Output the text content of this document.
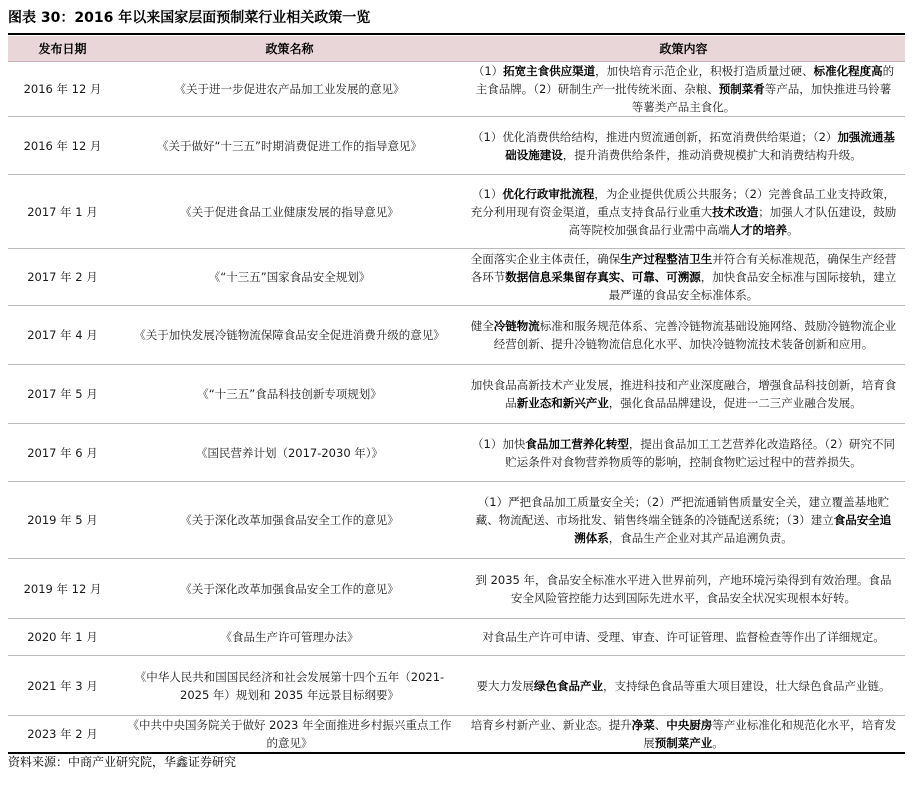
图表 30：2016 年以来国家层面预制菜行业相关政策一览
发布日期	政策名称	政策内容
2016 年 12 月	《关于进一步促进农产品加工业发展的意见》	（1）拓宽主食供应渠道，加快培育示范企业，积极打造质量过硬、标准化程度高的主食品牌。（2）研制生产一批传统米面、杂粮、预制菜肴等产品，加快推进马铃薯等薯类产品主食化。
2016 年 12 月	《关于做好“十三五”时期消费促进工作的指导意见》	（1）优化消费供给结构，推进内贸流通创新，拓宽消费供给渠道；（2）加强流通基础设施建设，提升消费供给条件，推动消费规模扩大和消费结构升级。
2017 年 1 月	《关于促进食品工业健康发展的指导意见》	（1）优化行政审批流程，为企业提供优质公共服务；（2）完善食品工业支持政策，充分利用现有资金渠道，重点支持食品行业重大技术改造；加强人才队伍建设，鼓励高等院校加强食品行业需中高端人才的培养。
2017 年 2 月	《“十三五”国家食品安全规划》	全面落实企业主体责任，确保生产过程整洁卫生并符合有关标准规范，确保生产经营各环节数据信息采集留存真实、可靠、可溯源，加快食品安全标准与国际接轨，建立最严谨的食品安全标准体系。
2017 年 4 月	《关于加快发展冷链物流保障食品安全促进消费升级的意见》	健全冷链物流标准和服务规范体系、完善冷链物流基础设施网络、鼓励冷链物流企业经营创新、提升冷链物流信息化水平、加快冷链物流技术装备创新和应用。
2017 年 5 月	《“十三五”食品科技创新专项规划》	加快食品高新技术产业发展，推进科技和产业深度融合，增强食品科技创新，培育食品新业态和新兴产业，强化食品品牌建设，促进一二三产业融合发展。
2017 年 6 月	《国民营养计划（2017-2030 年）》	（1）加快食品加工营养化转型，提出食品加工工艺营养化改造路径。（2）研究不同贮运条件对食物营养物质等的影响，控制食物贮运过程中的营养损失。
2019 年 5 月	《关于深化改革加强食品安全工作的意见》	（1）严把食品加工质量安全关；（2）严把流通销售质量安全关，建立覆盖基地贮藏、物流配送、市场批发、销售终端全链条的冷链配送系统；（3）建立食品安全追溯体系，食品生产企业对其产品追溯负责。
2019 年 12 月	《关于深化改革加强食品安全工作的意见》	到 2035 年，食品安全标准水平进入世界前列，产地环境污染得到有效治理。食品安全风险管控能力达到国际先进水平，食品安全状况实现根本好转。
2020 年 1 月	《食品生产许可管理办法》	对食品生产许可申请、受理、审查、许可证管理、监督检查等作出了详细规定。
2021 年 3 月	《中华人民共和国国民经济和社会发展第十四个五年（2021-2025 年）规划和 2035 年远景目标纲要》	要大力发展绿色食品产业，支持绿色食品等重大项目建设，壮大绿色食品产业链。
2023 年 2 月	《中共中央国务院关于做好 2023 年全面推进乡村振兴重点工作的意见》	培育乡村新产业、新业态。提升净菜、中央厨房等产业标准化和规范化水平，培育发展预制菜产业。
资料来源：中商产业研究院，华鑫证券研究
